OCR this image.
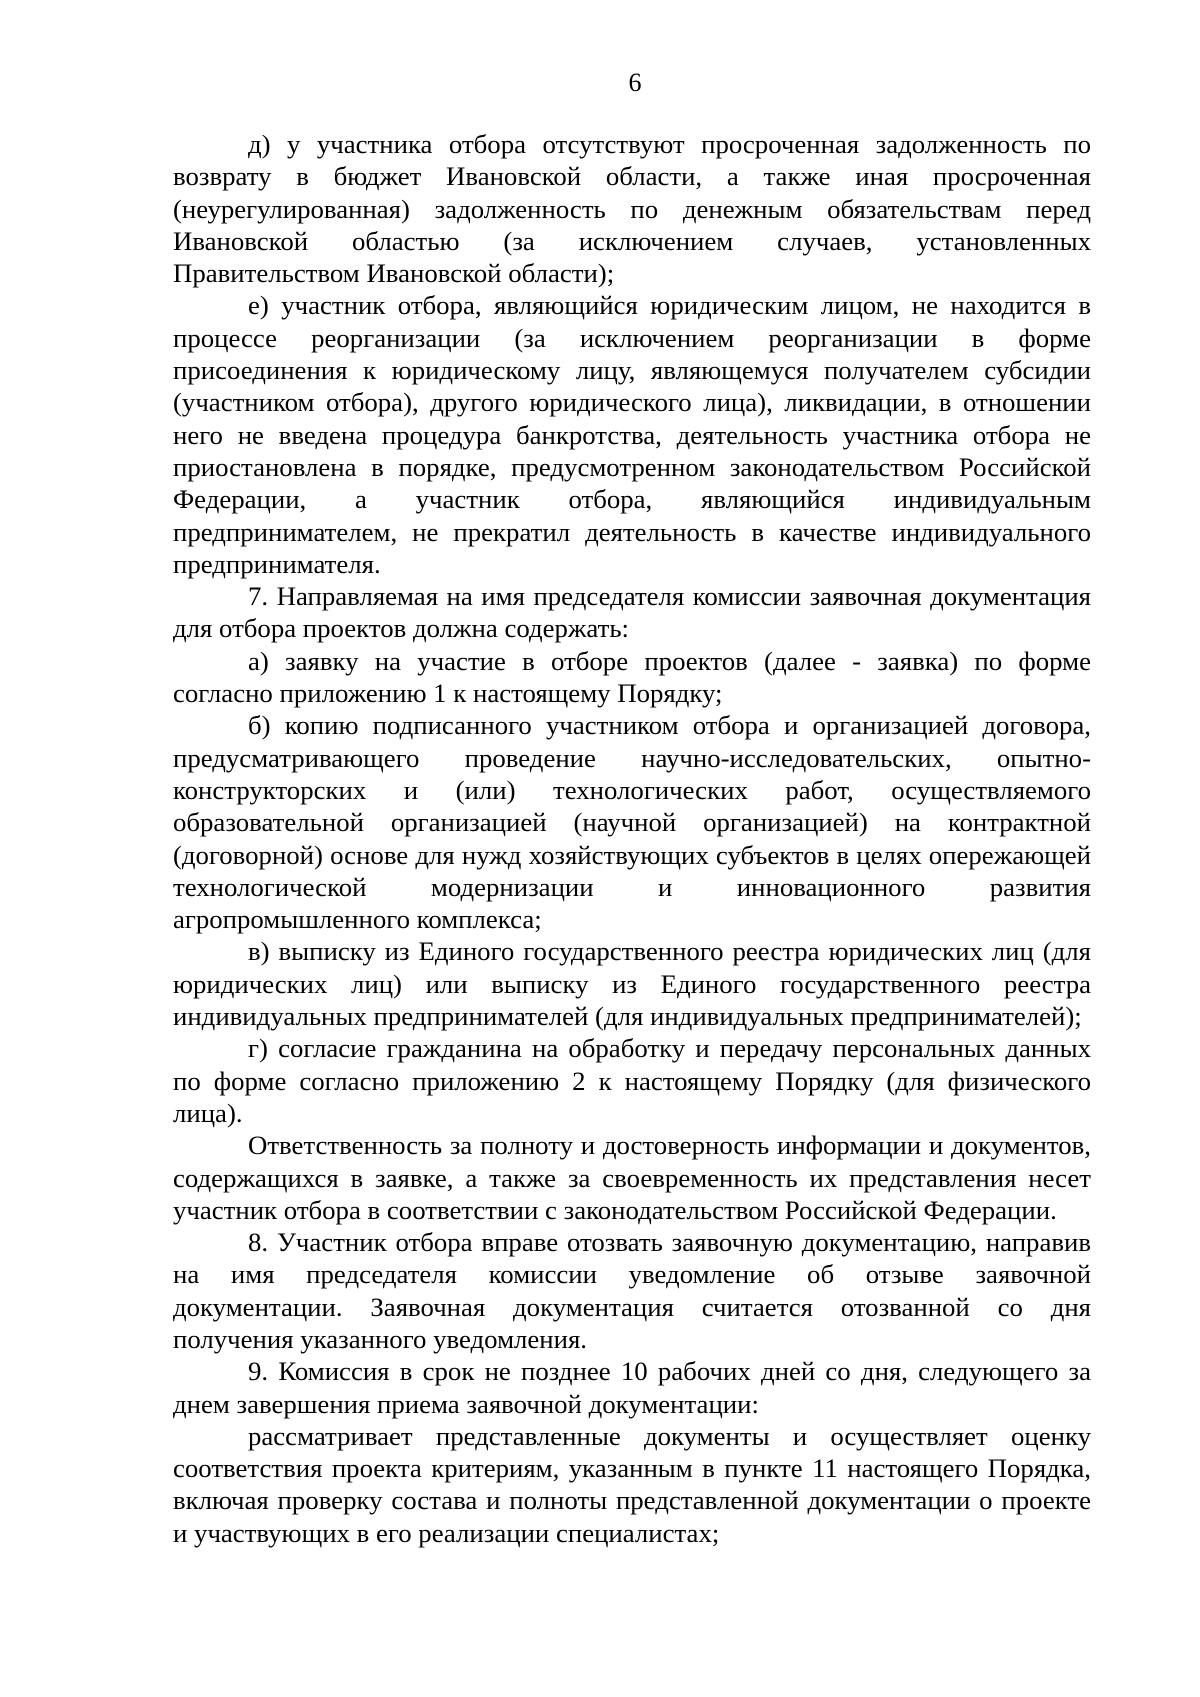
6

д) у участника отбора отсутствуют просроченная задолженность по возврату в бюджет Ивановской области, а также иная просроченная (неурегулированная) задолженность по денежным обязательствам перед Ивановской областью (за исключением случаев, установленных Правительством Ивановской области);

е) участник отбора, являющийся юридическим лицом, не находится в процессе реорганизации (за исключением реорганизации в форме присоединения к юридическому лицу, являющемуся получателем субсидии (участником отбора), другого юридического лица), ликвидации, в отношении него не введена процедура банкротства, деятельность участника отбора не приостановлена в порядке, предусмотренном законодательством Российской Федерации, а участник отбора, являющийся индивидуальным предпринимателем, не прекратил деятельность в качестве индивидуального предпринимателя.

7. Направляемая на имя председателя комиссии заявочная документация для отбора проектов должна содержать:

а) заявку на участие в отборе проектов (далее - заявка) по форме согласно приложению 1 к настоящему Порядку;

б) копию подписанного участником отбора и организацией договора, предусматривающего проведение научно-исследовательских, опытно-конструкторских и (или) технологических работ, осуществляемого образовательной организацией (научной организацией) на контрактной (договорной) основе для нужд хозяйствующих субъектов в целях опережающей технологической модернизации и инновационного развития агропромышленного комплекса;

в) выписку из Единого государственного реестра юридических лиц (для юридических лиц) или выписку из Единого государственного реестра индивидуальных предпринимателей (для индивидуальных предпринимателей);

г) согласие гражданина на обработку и передачу персональных данных по форме согласно приложению 2 к настоящему Порядку (для физического лица).

Ответственность за полноту и достоверность информации и документов, содержащихся в заявке, а также за своевременность их представления несет участник отбора в соответствии с законодательством Российской Федерации.

8. Участник отбора вправе отозвать заявочную документацию, направив на имя председателя комиссии уведомление об отзыве заявочной документации. Заявочная документация считается отозванной со дня получения указанного уведомления.

9. Комиссия в срок не позднее 10 рабочих дней со дня, следующего за днем завершения приема заявочной документации:

рассматривает представленные документы и осуществляет оценку соответствия проекта критериям, указанным в пункте 11 настоящего Порядка, включая проверку состава и полноты представленной документации о проекте и участвующих в его реализации специалистах;
